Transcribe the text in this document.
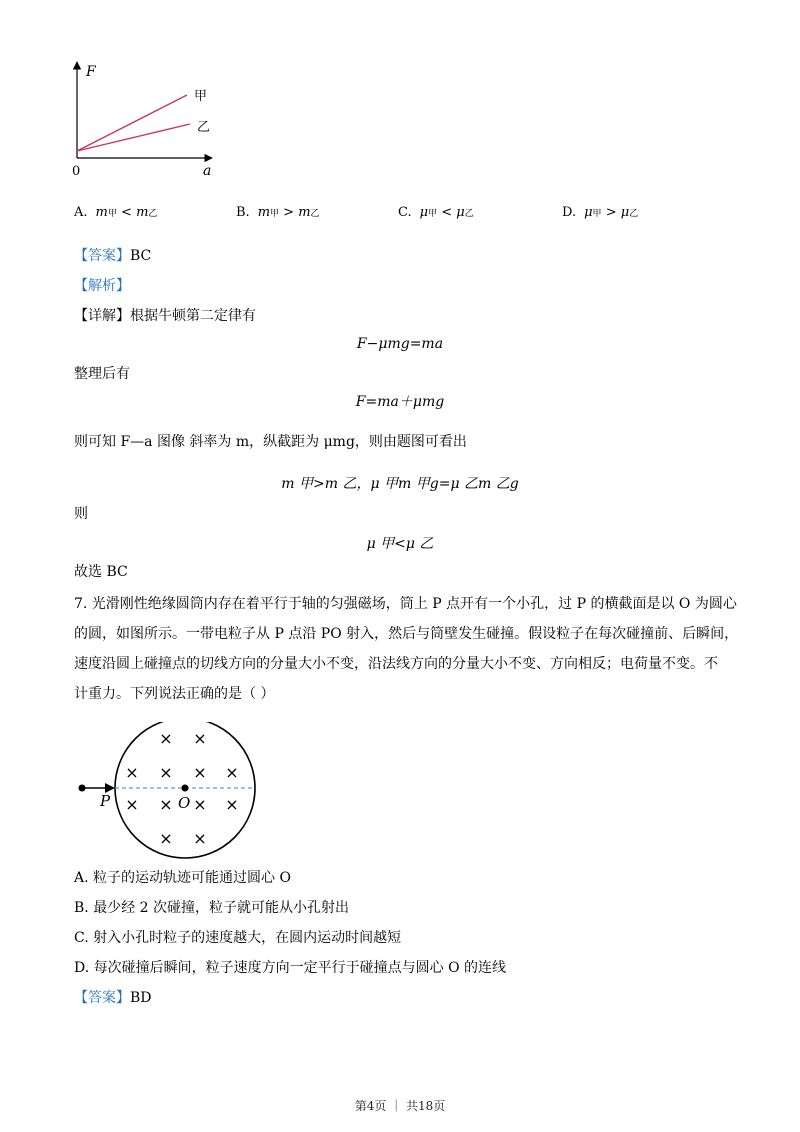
F
a
0
甲
乙
A. m甲 < m乙	B. m甲 > m乙	C. μ甲 < μ乙	D. μ甲 > μ乙
【答案】BC
【解析】
【详解】根据牛顿第二定律有
F−μmg=ma
整理后有
F=ma＋μmg
则可知 F—a 图像 斜率为 m，纵截距为 μmg，则由题图可看出
m 甲>m 乙，μ 甲m 甲g=μ 乙m 乙g
则
μ 甲<μ 乙
故选 BC
7. 光滑刚性绝缘圆筒内存在着平行于轴的匀强磁场，筒上 P 点开有一个小孔，过 P 的横截面是以 O 为圆心
的圆，如图所示。一带电粒子从 P 点沿 PO 射入，然后与筒壁发生碰撞。假设粒子在每次碰撞前、后瞬间，
速度沿圆上碰撞点的切线方向的分量大小不变，沿法线方向的分量大小不变、方向相反；电荷量不变。不
计重力。下列说法正确的是（ ）
P	O
× ×
× × × ×
× × × ×
× ×
A. 粒子的运动轨迹可能通过圆心 O
B. 最少经 2 次碰撞，粒子就可能从小孔射出
C. 射入小孔时粒子的速度越大，在圆内运动时间越短
D. 每次碰撞后瞬间，粒子速度方向一定平行于碰撞点与圆心 O 的连线
【答案】BD
第4页 ｜ 共18页
